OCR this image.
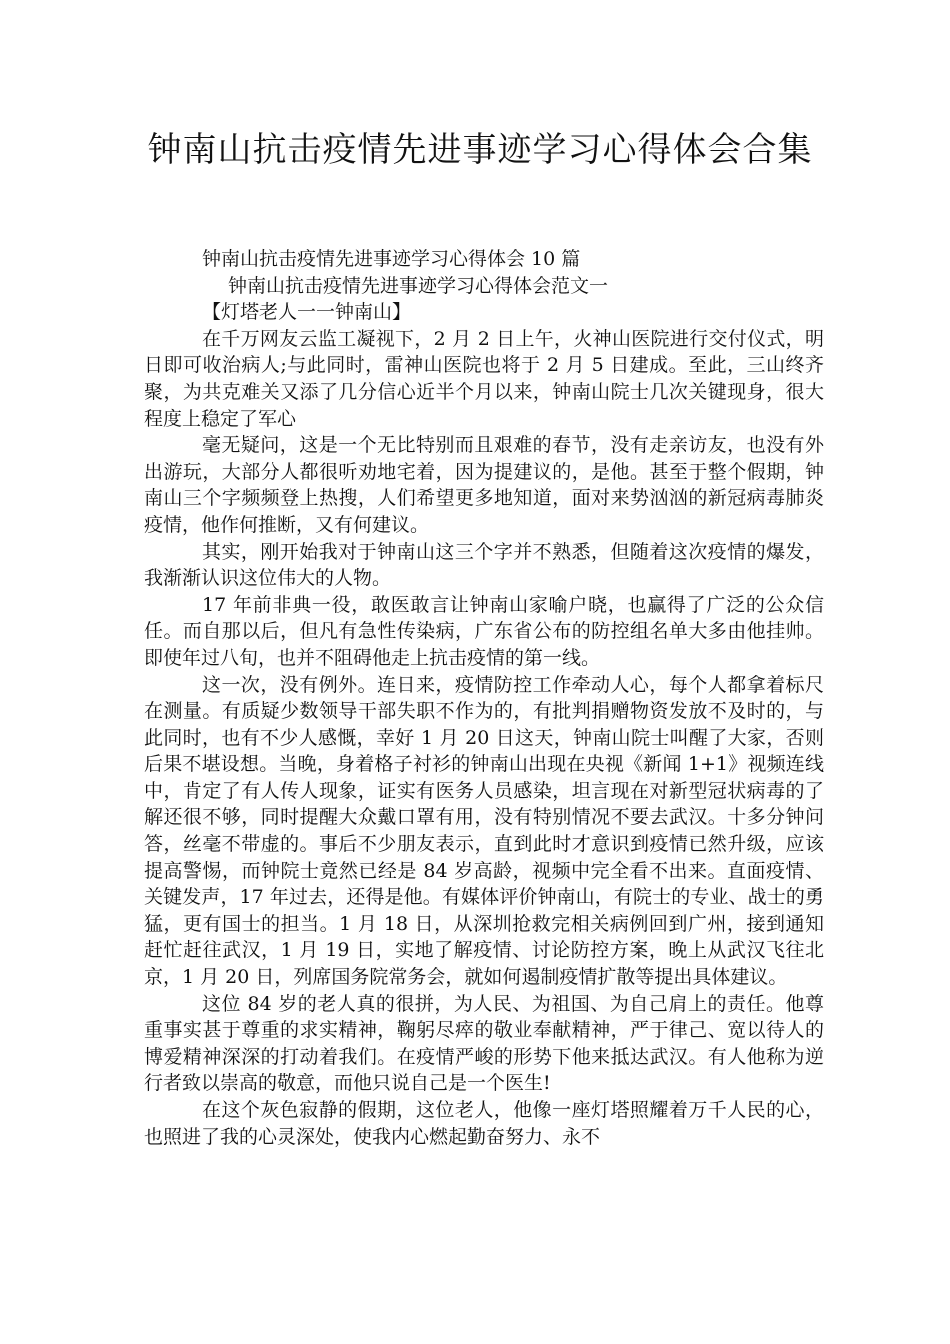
钟南山抗击疫情先进事迹学习心得体会合集

钟南山抗击疫情先进事迹学习心得体会 10 篇

钟南山抗击疫情先进事迹学习心得体会范文一

【灯塔老人一一钟南山】

在千万网友云监工凝视下，2 月 2 日上午，火神山医院进行交付仪式，明日即可收治病人;与此同时，雷神山医院也将于 2 月 5 日建成。至此，三山终齐聚，为共克难关又添了几分信心近半个月以来，钟南山院士几次关键现身，很大程度上稳定了军心

毫无疑问，这是一个无比特别而且艰难的春节，没有走亲访友，也没有外出游玩，大部分人都很听劝地宅着，因为提建议的，是他。甚至于整个假期，钟南山三个字频频登上热搜，人们希望更多地知道，面对来势汹汹的新冠病毒肺炎疫情，他作何推断，又有何建议。

其实，刚开始我对于钟南山这三个字并不熟悉，但随着这次疫情的爆发，我渐渐认识这位伟大的人物。

17 年前非典一役，敢医敢言让钟南山家喻户晓，也赢得了广泛的公众信任。而自那以后，但凡有急性传染病，广东省公布的防控组名单大多由他挂帅。即使年过八旬，也并不阻碍他走上抗击疫情的第一线。

这一次，没有例外。连日来，疫情防控工作牵动人心，每个人都拿着标尺在测量。有质疑少数领导干部失职不作为的，有批判捐赠物资发放不及时的，与此同时，也有不少人感慨，幸好 1 月 20 日这天，钟南山院士叫醒了大家，否则后果不堪设想。当晚，身着格子衬衫的钟南山出现在央视《新闻 1+1》视频连线中，肯定了有人传人现象，证实有医务人员感染，坦言现在对新型冠状病毒的了解还很不够，同时提醒大众戴口罩有用，没有特别情况不要去武汉。十多分钟问答，丝毫不带虚的。事后不少朋友表示，直到此时才意识到疫情已然升级，应该提高警惕，而钟院士竟然已经是 84 岁高龄，视频中完全看不出来。直面疫情、关键发声，17 年过去，还得是他。有媒体评价钟南山，有院士的专业、战士的勇猛，更有国士的担当。1 月 18 日，从深圳抢救完相关病例回到广州，接到通知赶忙赶往武汉，1 月 19 日，实地了解疫情、讨论防控方案，晚上从武汉飞往北京，1 月 20 日，列席国务院常务会，就如何遏制疫情扩散等提出具体建议。

这位 84 岁的老人真的很拼，为人民、为祖国、为自己肩上的责任。他尊重事实甚于尊重的求实精神，鞠躬尽瘁的敬业奉献精神，严于律己、宽以待人的博爱精神深深的打动着我们。在疫情严峻的形势下他来抵达武汉。有人他称为逆行者致以崇高的敬意，而他只说自己是一个医生!

在这个灰色寂静的假期，这位老人，他像一座灯塔照耀着万千人民的心，也照进了我的心灵深处，使我内心燃起勤奋努力、永不
